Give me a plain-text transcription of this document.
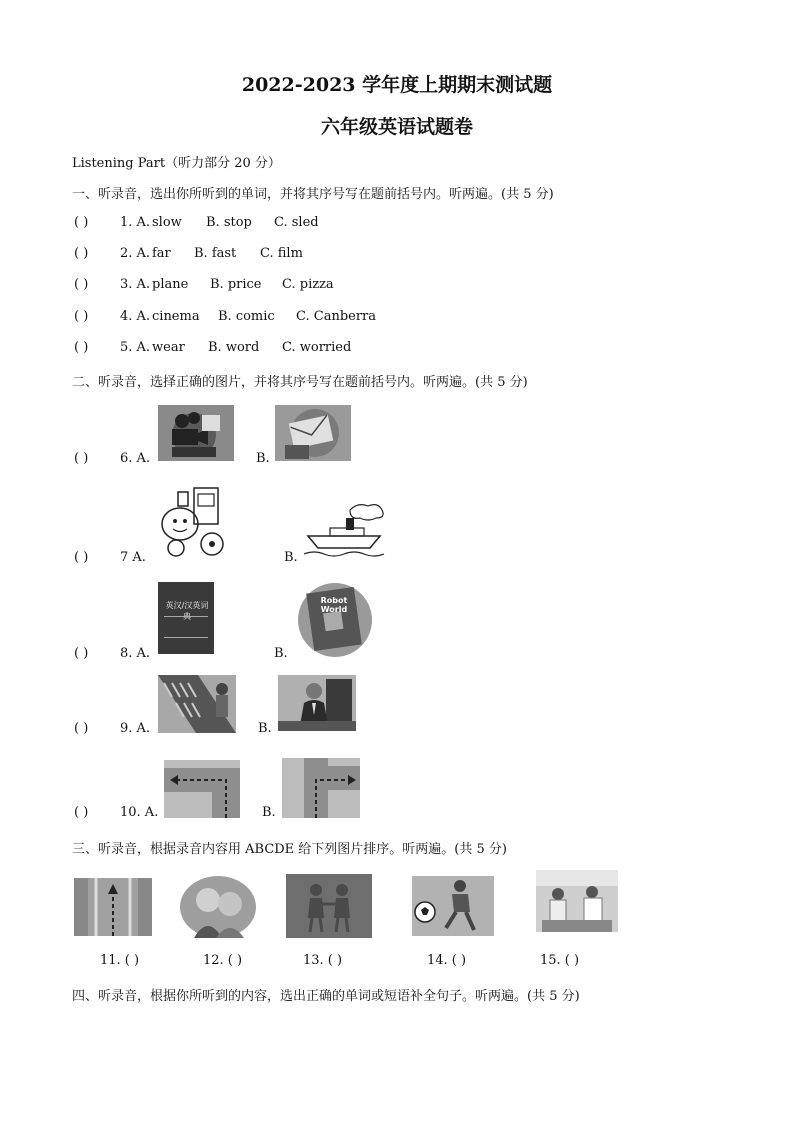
2022-2023 学年度上期期末测试题
六年级英语试题卷
Listening Part（听力部分 20 分）
一、听录音，选出你所听到的单词，并将其序号写在题前括号内。听两遍。(共 5 分)
( ) 1. A. slow B. stop C. sled
( ) 2. A. far B. fast C. film
( ) 3. A. plane B. price C. pizza
( ) 4. A. cinema B. comic C. Canberra
( ) 5. A. wear B. word C. worried
二、听录音，选择正确的图片，并将其序号写在题前括号内。听两遍。(共 5 分)
( ) 6. A.	B.
( ) 7 A.	B.
( ) 8. A.
英汉/汉英词典
B.
Robot World
( ) 9. A.	B.
( ) 10. A.	B.
三、听录音，根据录音内容用 ABCDE 给下列图片排序。听两遍。(共 5 分)
11. ( )	12. ( )	13. ( )	14. ( )	15. ( )
四、听录音，根据你所听到的内容，选出正确的单词或短语补全句子。听两遍。(共 5 分)
